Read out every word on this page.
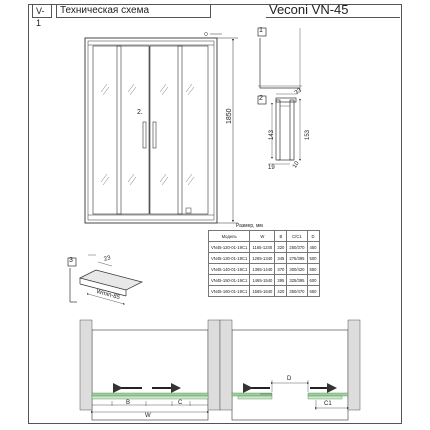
V-1
Техническая схема	Veconi VN-45
2.	1850
1
2
33
143	153
19	10
3	23
Wmin-85
Размер, мм
Модель	W	B	C/C1	D
VN45-120-01-19C1	1165-1240	320	250/370	450
VN45-130-01-19C1	1265-1340	345	275/395	500
VN45-140-01-19C1	1365-1440	370	300/420	550
VN45-150-01-19C1	1465-1540	395	325/395	600
VN45-160-01-19C1	1565-1640	420	350/470	650
B	C
W
D
C1
